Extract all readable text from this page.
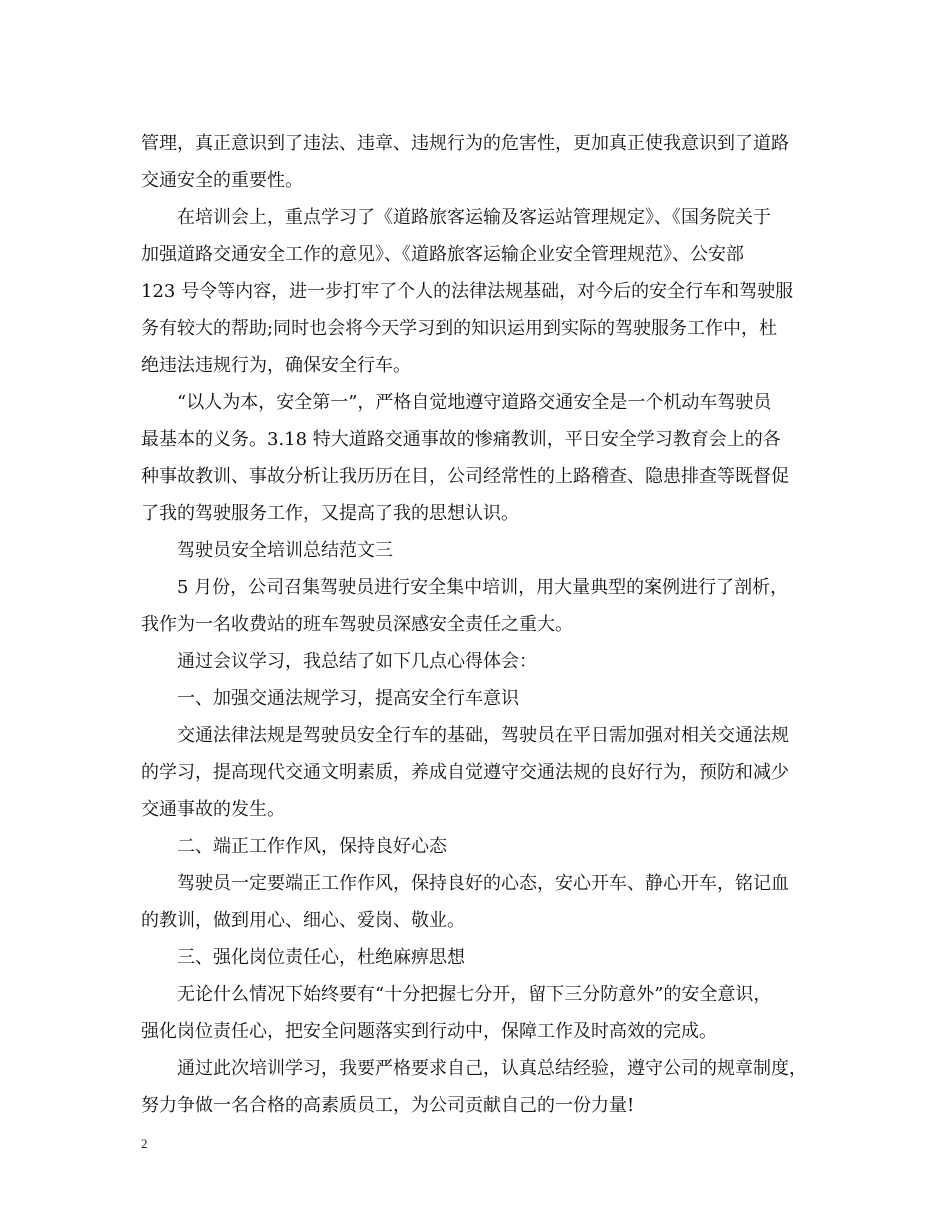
管理，真正意识到了违法、违章、违规行为的危害性，更加真正使我意识到了道路
交通安全的重要性。
在培训会上，重点学习了《道路旅客运输及客运站管理规定》、《国务院关于
加强道路交通安全工作的意见》、《道路旅客运输企业安全管理规范》、公安部
123 号令等内容，进一步打牢了个人的法律法规基础，对今后的安全行车和驾驶服
务有较大的帮助;同时也会将今天学习到的知识运用到实际的驾驶服务工作中，杜
绝违法违规行为，确保安全行车。
“以人为本，安全第一”，严格自觉地遵守道路交通安全是一个机动车驾驶员
最基本的义务。3.18 特大道路交通事故的惨痛教训，平日安全学习教育会上的各
种事故教训、事故分析让我历历在目，公司经常性的上路稽查、隐患排查等既督促
了我的驾驶服务工作，又提高了我的思想认识。
驾驶员安全培训总结范文三
5 月份，公司召集驾驶员进行安全集中培训，用大量典型的案例进行了剖析，
我作为一名收费站的班车驾驶员深感安全责任之重大。
通过会议学习，我总结了如下几点心得体会：
一、加强交通法规学习，提高安全行车意识
交通法律法规是驾驶员安全行车的基础，驾驶员在平日需加强对相关交通法规
的学习，提高现代交通文明素质，养成自觉遵守交通法规的良好行为，预防和减少
交通事故的发生。
二、端正工作作风，保持良好心态
驾驶员一定要端正工作作风，保持良好的心态，安心开车、静心开车，铭记血
的教训，做到用心、细心、爱岗、敬业。
三、强化岗位责任心，杜绝麻痹思想
无论什么情况下始终要有“十分把握七分开，留下三分防意外”的安全意识，
强化岗位责任心，把安全问题落实到行动中，保障工作及时高效的完成。
通过此次培训学习，我要严格要求自己，认真总结经验，遵守公司的规章制度，
努力争做一名合格的高素质员工，为公司贡献自己的一份力量!
2
